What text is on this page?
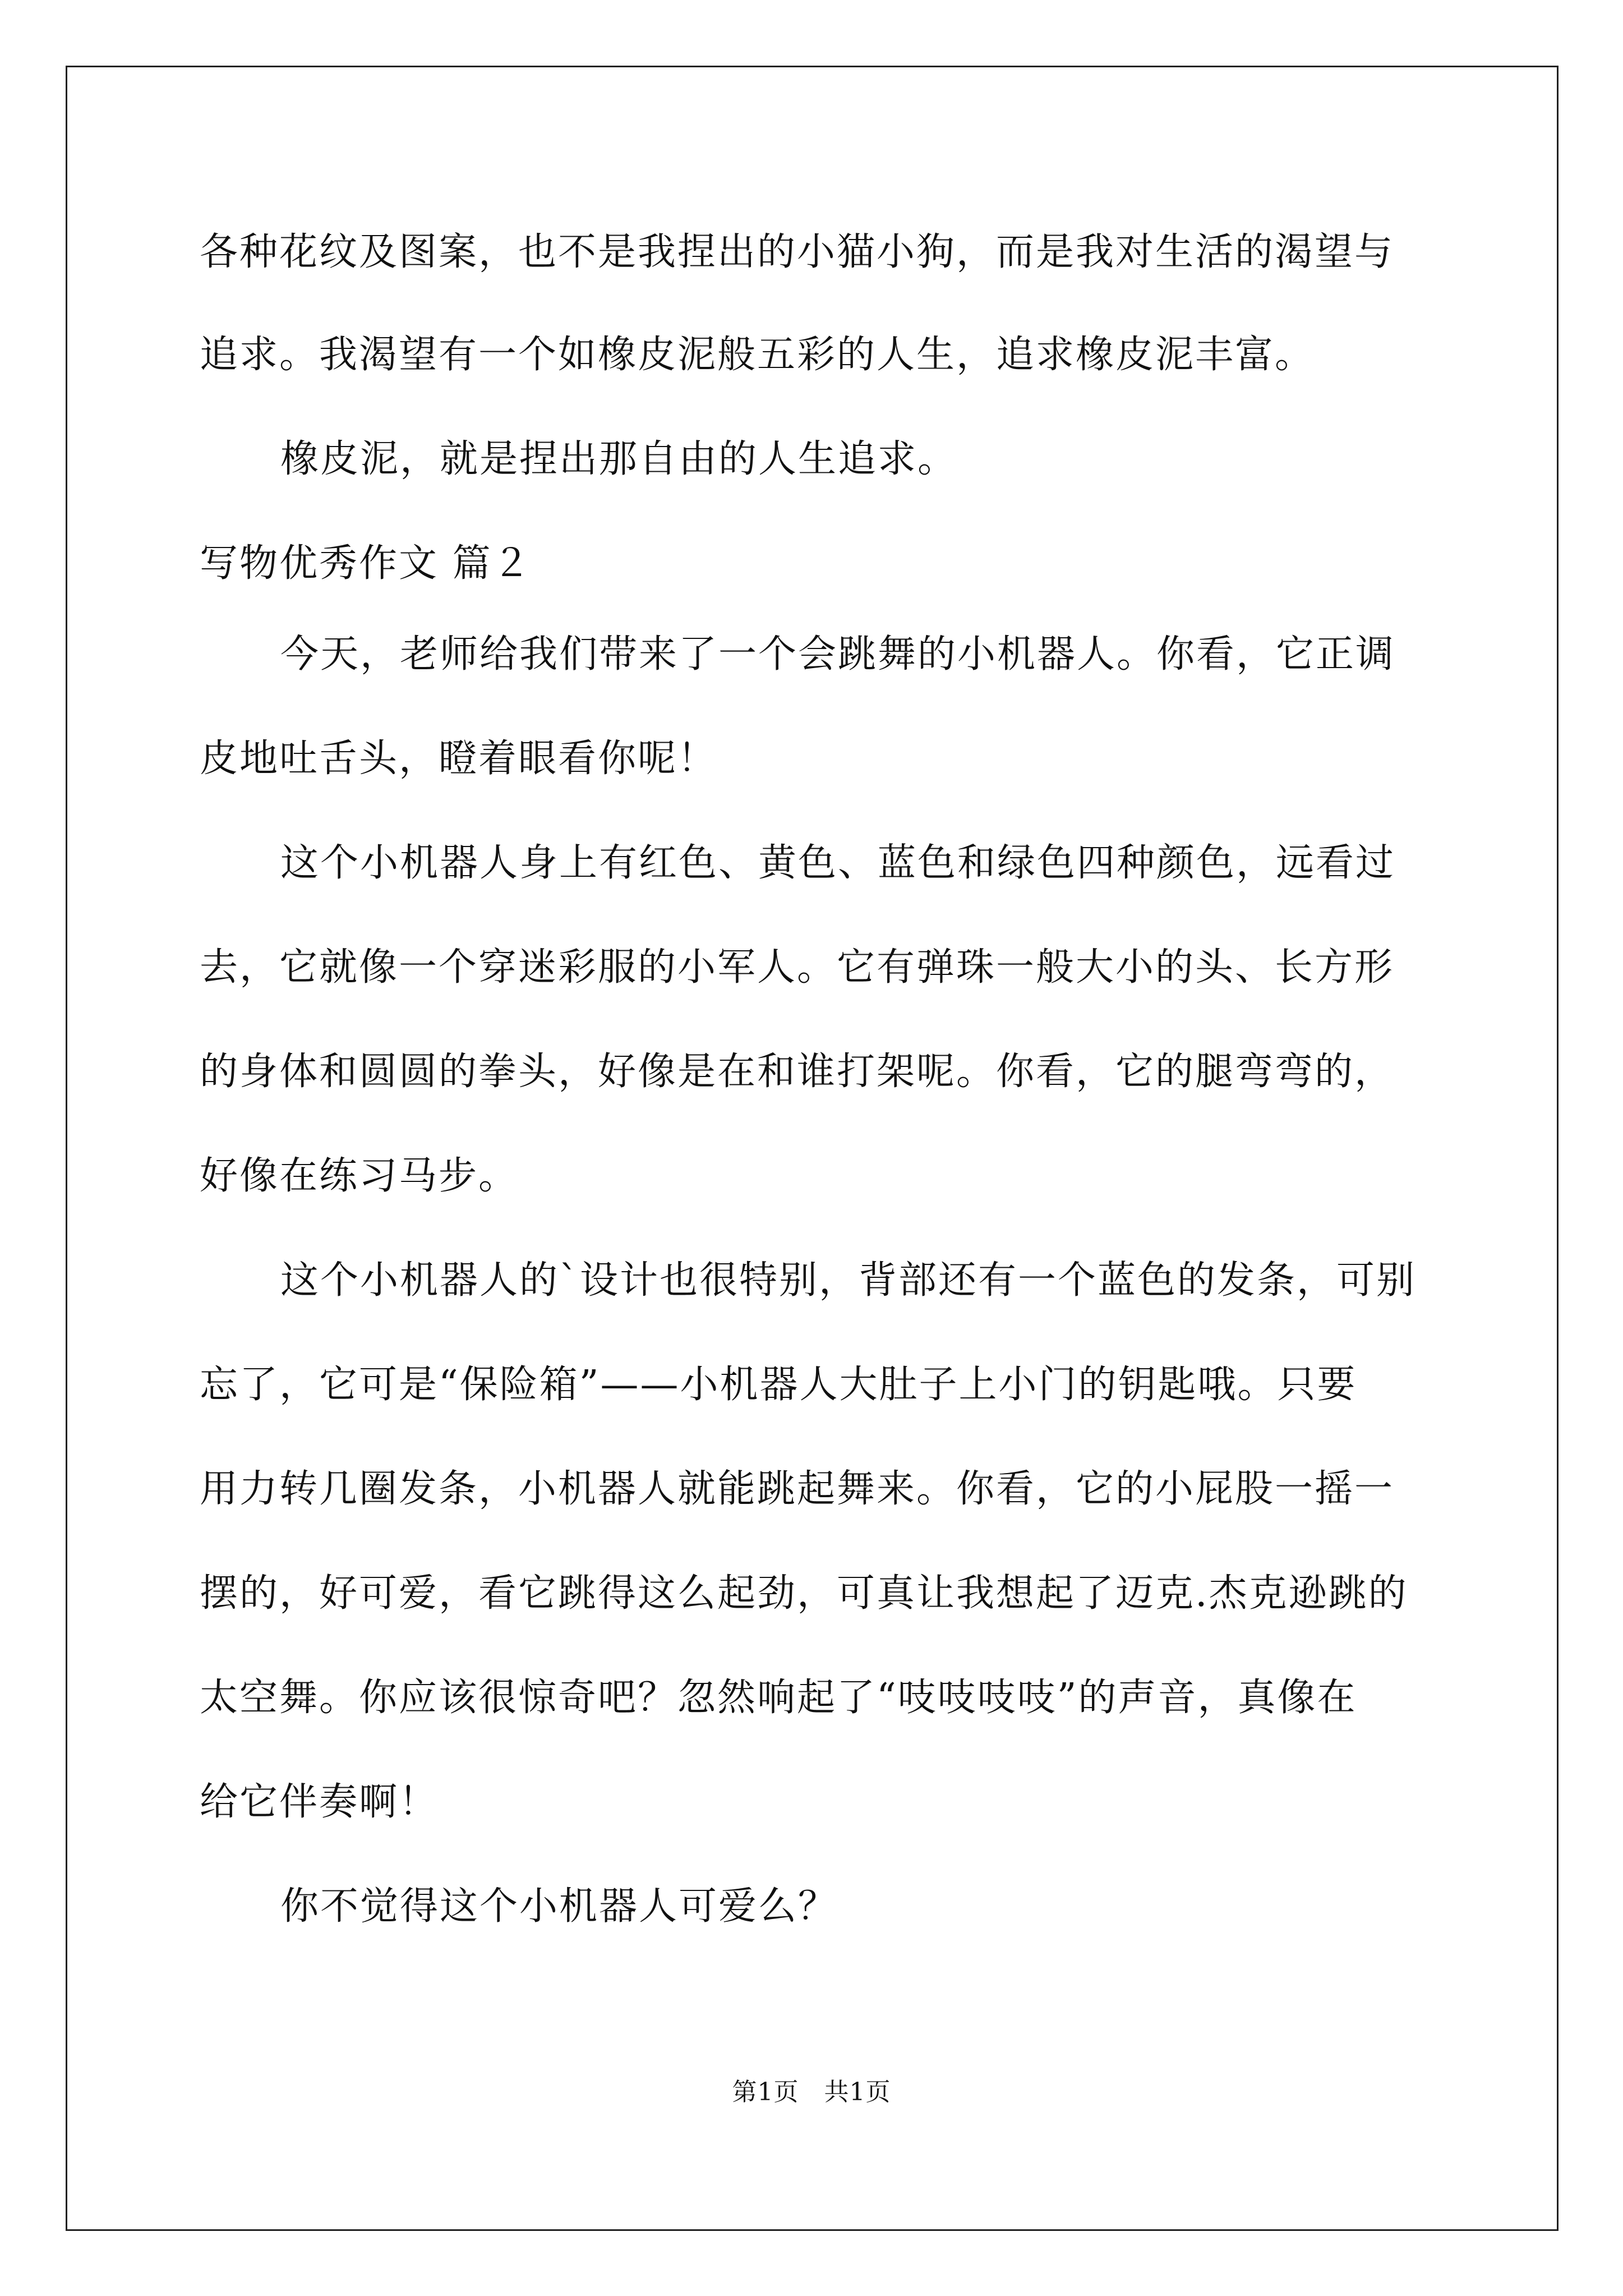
各种花纹及图案，也不是我捏出的小猫小狗，而是我对生活的渴望与
追求。我渴望有一个如橡皮泥般五彩的人生，追求橡皮泥丰富。
橡皮泥，就是捏出那自由的人生追求。
写物优秀作文 篇２
今天，老师给我们带来了一个会跳舞的小机器人。你看，它正调
皮地吐舌头，瞪着眼看你呢！
这个小机器人身上有红色、黄色、蓝色和绿色四种颜色，远看过
去，它就像一个穿迷彩服的小军人。它有弹珠一般大小的头、长方形
的身体和圆圆的拳头，好像是在和谁打架呢。你看，它的腿弯弯的，
好像在练习马步。
这个小机器人的`设计也很特别，背部还有一个蓝色的发条，可别
忘了，它可是“保险箱”——小机器人大肚子上小门的钥匙哦。只要
用力转几圈发条，小机器人就能跳起舞来。你看，它的小屁股一摇一
摆的，好可爱，看它跳得这么起劲，可真让我想起了迈克.杰克逊跳的
太空舞。你应该很惊奇吧？忽然响起了“吱吱吱吱”的声音，真像在
给它伴奏啊！
你不觉得这个小机器人可爱么？
第1页　共1页
